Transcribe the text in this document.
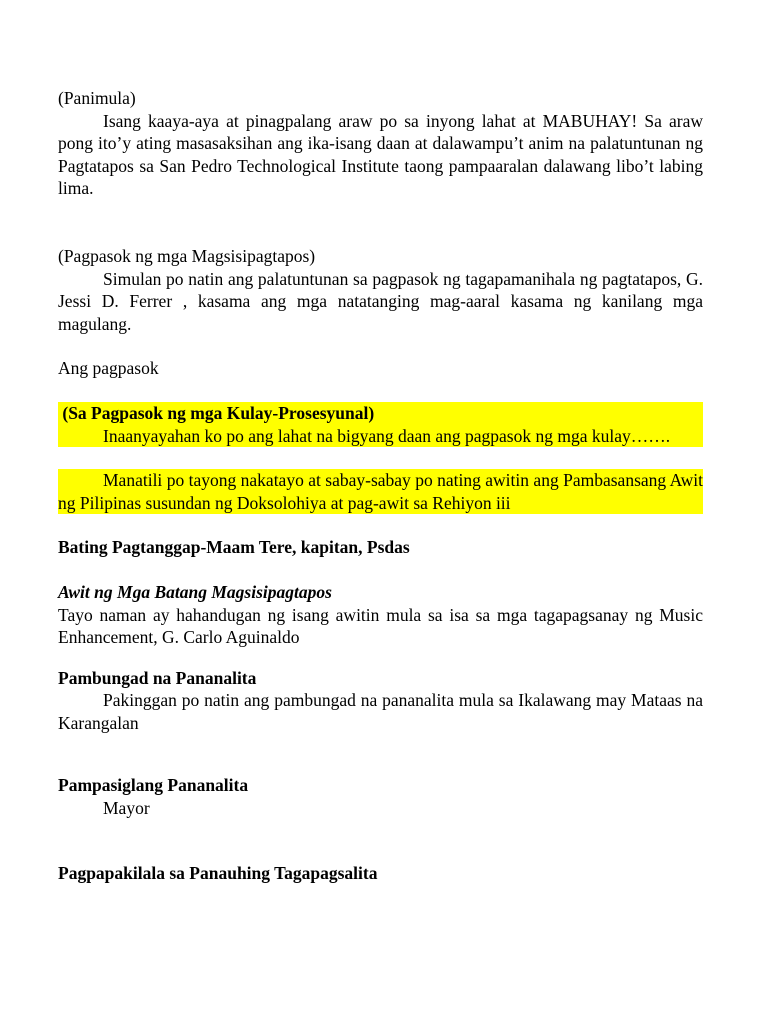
(Panimula)

Isang kaaya-aya at pinagpalang araw po sa inyong lahat at MABUHAY! Sa araw pong ito’y ating masasaksihan ang ika-isang daan at dalawampu’t anim na palatuntunan ng Pagtatapos sa San Pedro Technological Institute taong pampaaralan dalawang libo’t labing lima.

(Pagpasok ng mga Magsisipagtapos)

Simulan po natin ang palatuntunan sa pagpasok ng tagapamanihala ng pagtatapos, G. Jessi D. Ferrer , kasama ang mga natatanging mag-aaral kasama ng kanilang mga magulang.

Ang pagpasok

(Sa Pagpasok ng mga Kulay-Prosesyunal)

Inaanyayahan ko po ang lahat na bigyang daan ang pagpasok ng mga kulay…….

Manatili po tayong nakatayo at sabay-sabay po nating awitin ang Pambasansang Awit ng Pilipinas susundan ng Doksolohiya at pag-awit sa Rehiyon iii

Bating Pagtanggap-Maam Tere, kapitan, Psdas

Awit ng Mga Batang Magsisipagtapos

Tayo naman ay hahandugan ng isang awitin mula sa isa sa mga tagapagsanay ng Music Enhancement, G. Carlo Aguinaldo

Pambungad na Pananalita

Pakinggan po natin ang pambungad na pananalita mula sa Ikalawang may Mataas na Karangalan

Pampasiglang Pananalita

Mayor

Pagpapakilala sa Panauhing Tagapagsalita
